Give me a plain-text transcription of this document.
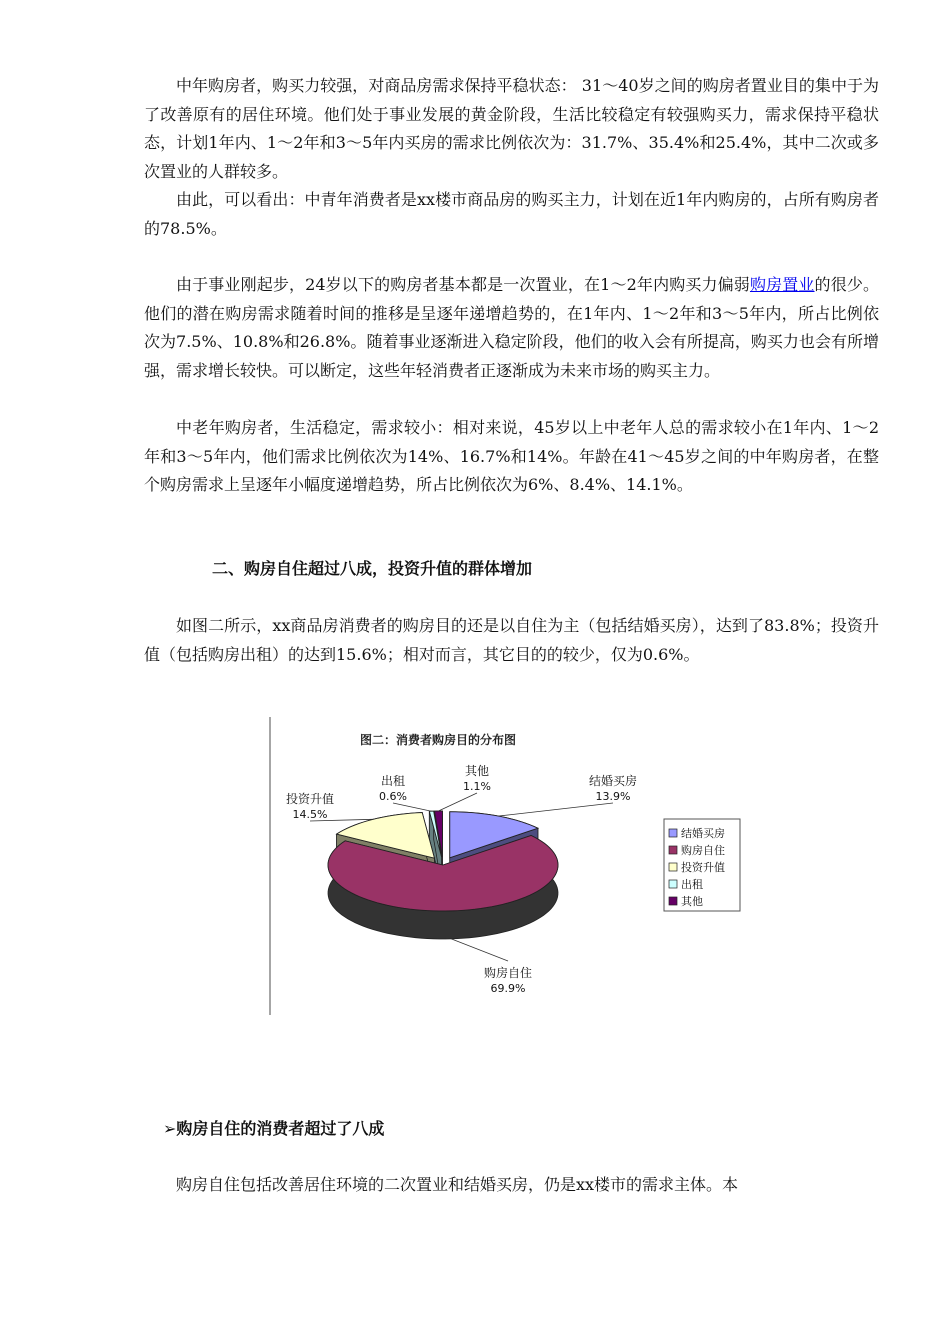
中年购房者，购买力较强，对商品房需求保持平稳状态： 31～40岁之间的购房者置业目的集中于为了改善原有的居住环境。他们处于事业发展的黄金阶段，生活比较稳定有较强购买力，需求保持平稳状态，计划1年内、1～2年和3～5年内买房的需求比例依次为：31.7%、35.4%和25.4%，其中二次或多次置业的人群较多。

由此，可以看出：中青年消费者是xx楼市商品房的购买主力，计划在近1年内购房的，占所有购房者的78.5%。

由于事业刚起步，24岁以下的购房者基本都是一次置业，在1～2年内购买力偏弱购房置业的很少。他们的潜在购房需求随着时间的推移是呈逐年递增趋势的，在1年内、1～2年和3～5年内，所占比例依次为7.5%、10.8%和26.8%。随着事业逐渐进入稳定阶段，他们的收入会有所提高，购买力也会有所增强，需求增长较快。可以断定，这些年轻消费者正逐渐成为未来市场的购买主力。

中老年购房者，生活稳定，需求较小：相对来说，45岁以上中老年人总的需求较小在1年内、1～2年和3～5年内，他们需求比例依次为14%、16.7%和14%。年龄在41～45岁之间的中年购房者，在整个购房需求上呈逐年小幅度递增趋势，所占比例依次为6%、8.4%、14.1%。

二、购房自住超过八成，投资升值的群体增加

如图二所示，xx商品房消费者的购房目的还是以自住为主（包括结婚买房），达到了83.8%；投资升值（包括购房出租）的达到15.6%；相对而言，其它目的的较少，仅为0.6%。

图二：消费者购房目的分布图
结婚买房
13.9%
购房自住
69.9%
投资升值
14.5%
出租
0.6%
其他
1.1%
结婚买房
购房自住
投资升值
出租
其他

➢购房自住的消费者超过了八成

购房自住包括改善居住环境的二次置业和结婚买房，仍是xx楼市的需求主体。本
